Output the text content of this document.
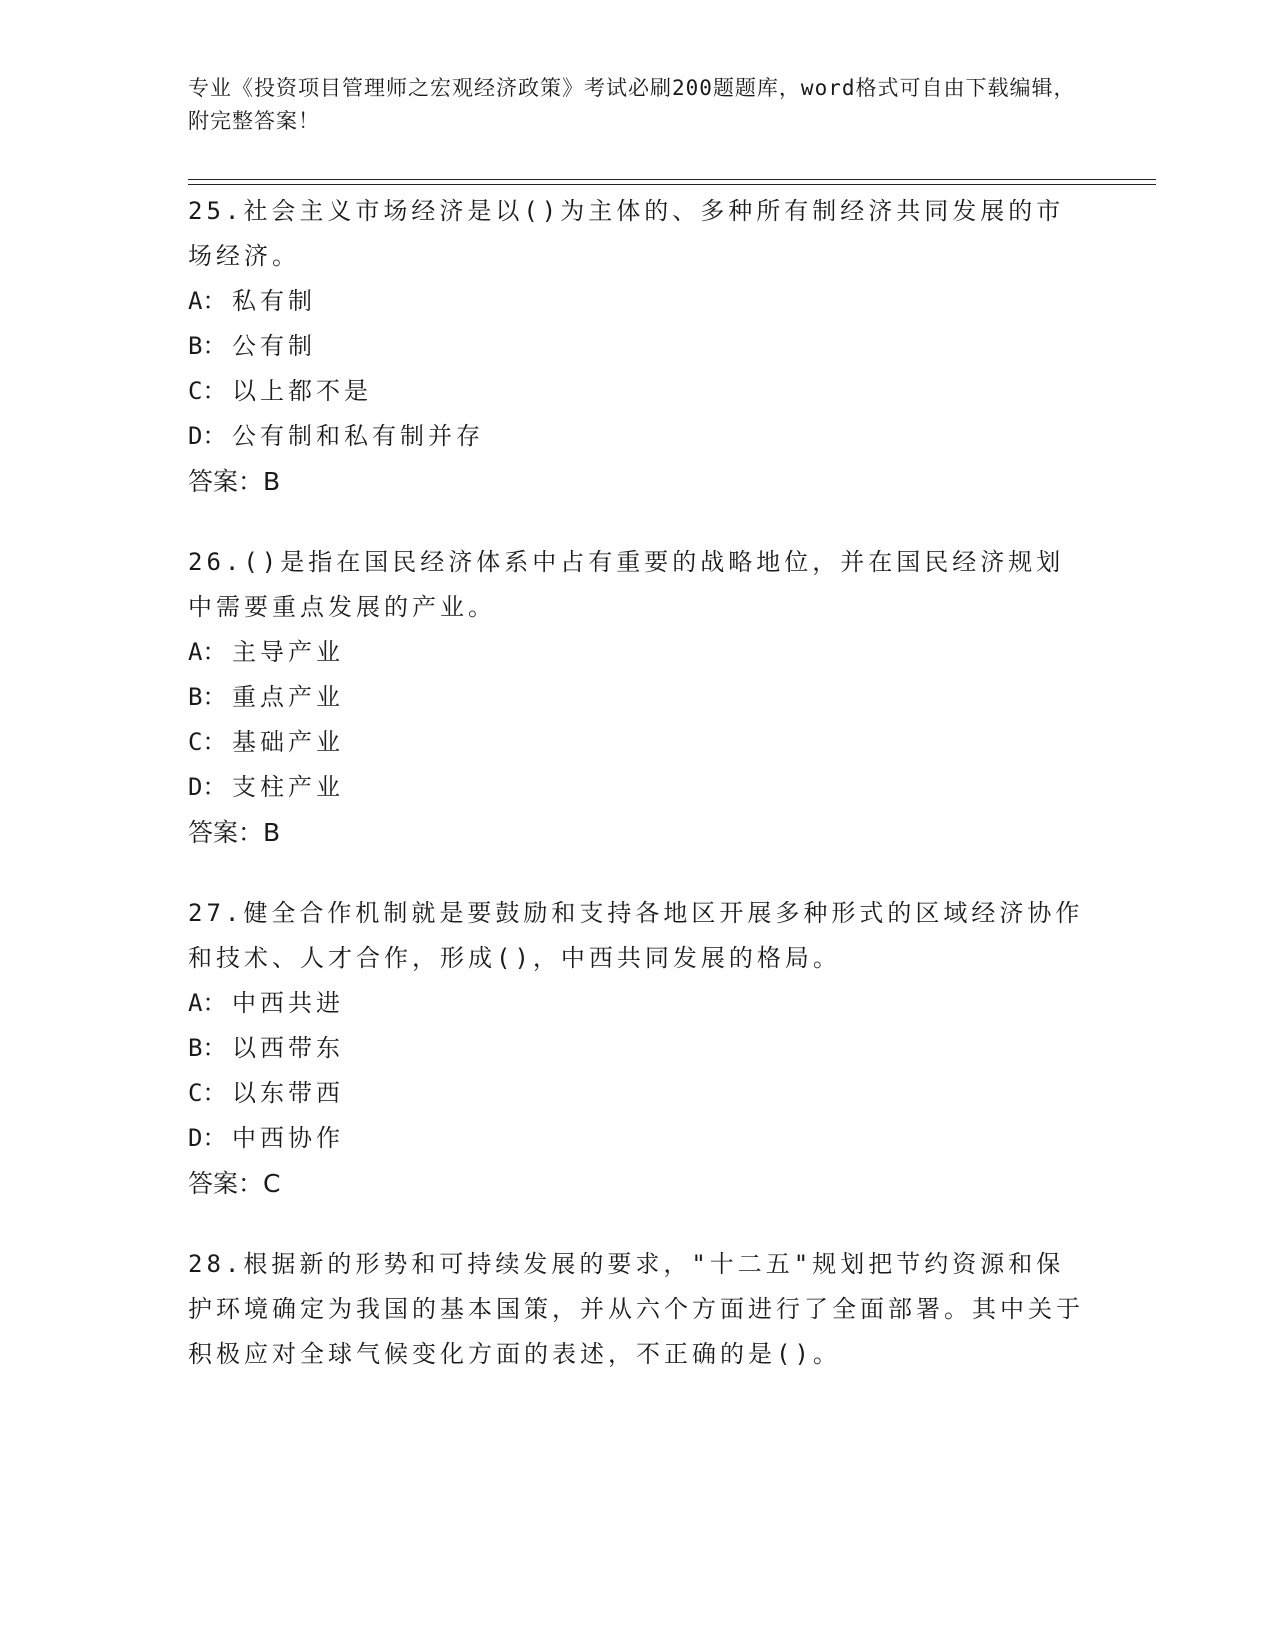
专业《投资项目管理师之宏观经济政策》考试必刷200题题库，word格式可自由下载编辑，附完整答案！

25.社会主义市场经济是以()为主体的、多种所有制经济共同发展的市场经济。

A： 私有制

B： 公有制

C： 以上都不是

D： 公有制和私有制并存

答案：B

26.()是指在国民经济体系中占有重要的战略地位，并在国民经济规划中需要重点发展的产业。

A： 主导产业

B： 重点产业

C： 基础产业

D： 支柱产业

答案：B

27.健全合作机制就是要鼓励和支持各地区开展多种形式的区域经济协作和技术、人才合作，形成()，中西共同发展的格局。

A： 中西共进

B： 以西带东

C： 以东带西

D： 中西协作

答案：C

28.根据新的形势和可持续发展的要求，"十二五"规划把节约资源和保护环境确定为我国的基本国策，并从六个方面进行了全面部署。其中关于积极应对全球气候变化方面的表述，不正确的是()。
